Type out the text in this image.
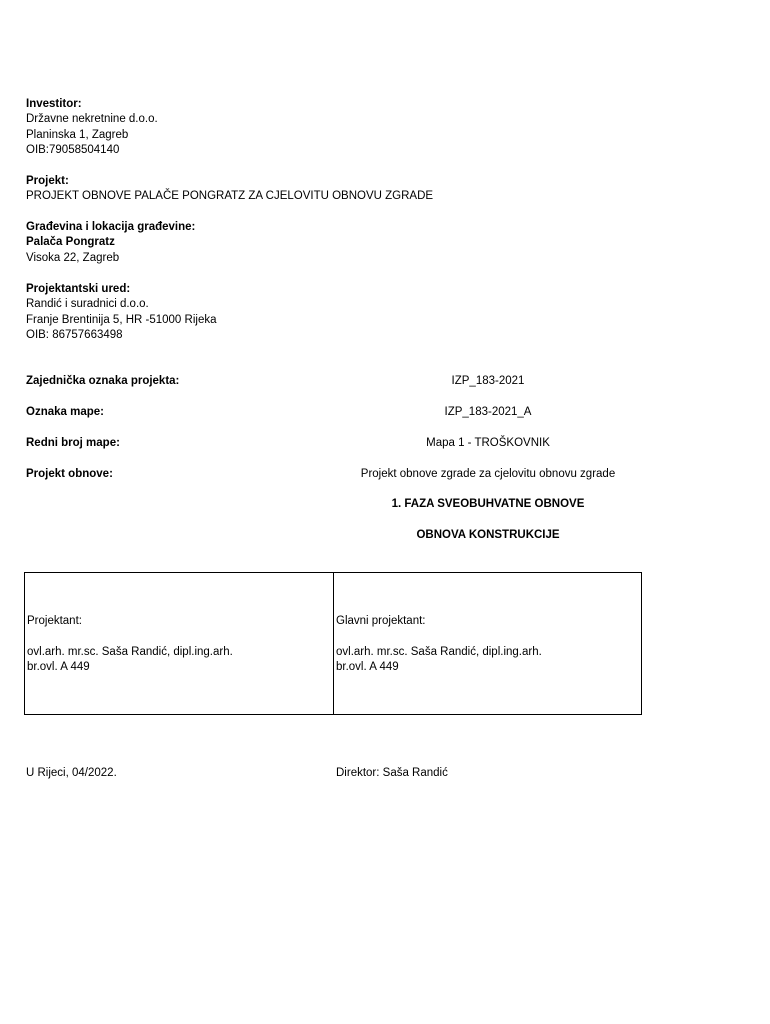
Investitor:
Državne nekretnine d.o.o.
Planinska 1, Zagreb
OIB:79058504140
Projekt:
PROJEKT OBNOVE PALAČE PONGRATZ ZA CJELOVITU OBNOVU ZGRADE
Građevina i lokacija građevine:
Palača Pongratz
Visoka 22, Zagreb
Projektantski ured:
Randić i suradnici d.o.o.
Franje Brentinija 5, HR -51000 Rijeka
OIB: 86757663498
Zajednička oznaka projekta:	IZP_183-2021
Oznaka mape:	IZP_183-2021_A
Redni broj mape:	Mapa 1 - TROŠKOVNIK
Projekt obnove:	Projekt obnove zgrade za cjelovitu obnovu zgrade
1. FAZA SVEOBUHVATNE OBNOVE
OBNOVA KONSTRUKCIJE
Projektant:
ovl.arh. mr.sc. Saša Randić, dipl.ing.arh.
br.ovl. A 449
Glavni projektant:
ovl.arh. mr.sc. Saša Randić, dipl.ing.arh.
br.ovl. A 449
U Rijeci, 04/2022.	Direktor: Saša Randić
